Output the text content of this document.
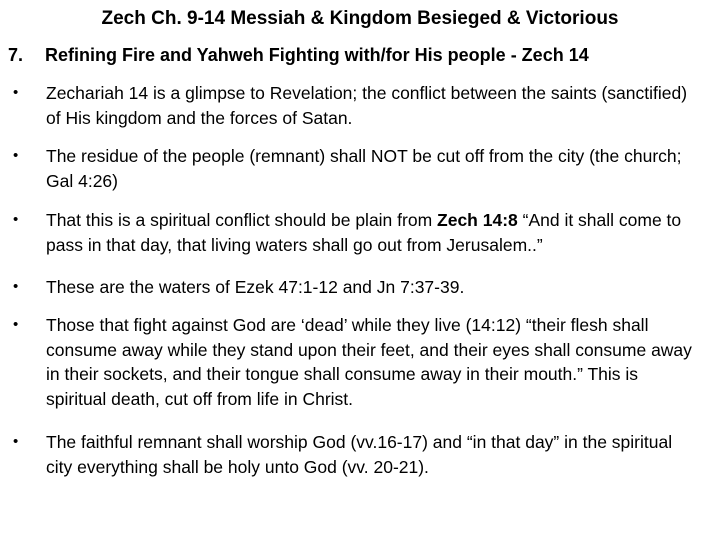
Zech Ch. 9-14 Messiah & Kingdom Besieged & Victorious
7. Refining Fire and Yahweh Fighting with/for His people - Zech 14
• Zechariah 14 is a glimpse to Revelation; the conflict between the saints (sanctified) of His kingdom and the forces of Satan.
• The residue of the people (remnant) shall NOT be cut off from the city (the church; Gal 4:26)
• That this is a spiritual conflict should be plain from Zech 14:8 “And it shall come to pass in that day, that living waters shall go out from Jerusalem..”
• These are the waters of Ezek 47:1-12 and Jn 7:37-39.
• Those that fight against God are ‘dead’ while they live (14:12) “their flesh shall consume away while they stand upon their feet, and their eyes shall consume away in their sockets, and their tongue shall consume away in their mouth.” This is spiritual death, cut off from life in Christ.
• The faithful remnant shall worship God (vv.16-17) and “in that day” in the spiritual city everything shall be holy unto God (vv. 20-21).
